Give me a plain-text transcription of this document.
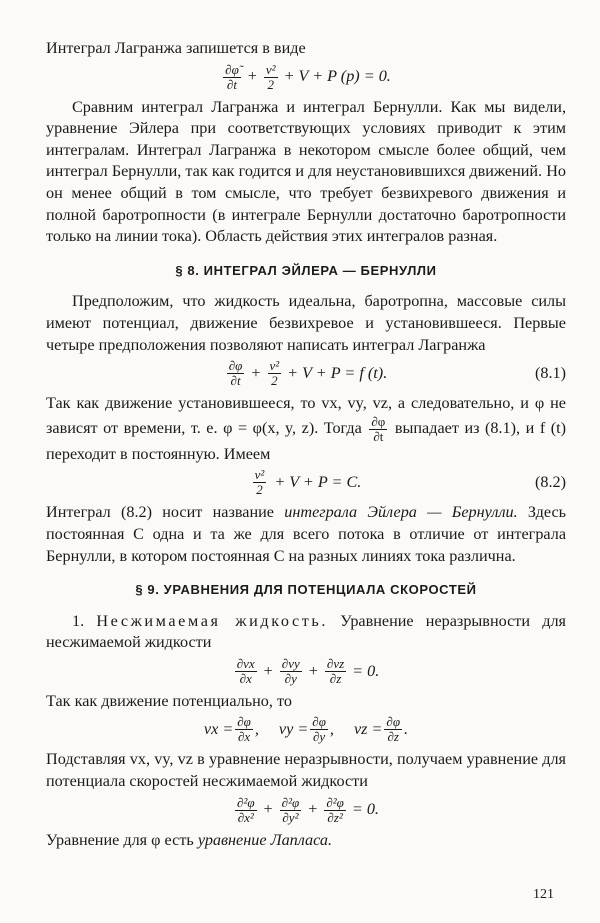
Интеграл Лагранжа запишется в виде

$\frac{\partial\varphĩ}{\partial t} + \frac{\text{v²}}{2} + V + P$ (p) = 0.

Сравним интеграл Лагранжа и интеграл Бернулли. Как мы видели, уравнение Эйлера при соответствующих условиях приводит к этим интегралам. Интеграл Лагранжа в некотором смысле более общий, чем интеграл Бернулли, так как годится и для неустановившихся движений. Но он менее общий в том смысле, что требует безвихревого движения и полной баротропности (в интеграле Бернулли достаточно баротропности только на линии тока). Область действия этих интегралов разная.

§ 8. ИНТЕГРАЛ ЭЙЛЕРА — БЕРНУЛЛИ

Предположим, что жидкость идеальна, баротропна, массовые силы имеют потенциал, движение безвихревое и установившееся. Первые четыре предположения позволяют написать интеграл Лагранжа

$\frac{\partial\varphi}{\partial t} + \frac{\text{v²}}{2} + V + P = f$ (t).	(8.1)

Так как движение установившееся, то vx, vy, vz, а следовательно, и φ не зависят от времени, т. е. φ = φ(x, y, z). Тогда $\frac{\partial\varphi}{\partial t}$ выпадает из (8.1), и f (t) переходит в постоянную. Имеем

$\frac{\text{v²}}{2} + V + P = C$.	(8.2)

Интеграл (8.2) носит название интеграла Эйлера — Бернулли. Здесь постоянная C одна и та же для всего потока в отличие от интеграла Бернулли, в котором постоянная C на разных линиях тока различна.

§ 9. УРАВНЕНИЯ ДЛЯ ПОТЕНЦИАЛА СКОРОСТЕЙ

1. Несжимаемая жидкость. Уравнение неразрывности для несжимаемой жидкости

$\frac{\partial vx}{\partial x} + \frac{\partial vy}{\partial y} + \frac{\partial vz}{\partial z} = 0$.

Так как движение потенциально, то

vx = $\frac{\partial\varphi}{\partial x}$ , vy = $\frac{\partial\varphi}{\partial y}$ , vz = $\frac{\partial\varphi}{\partial z}$ .

Подставляя vx, vy, vz в уравнение неразрывности, получаем уравнение для потенциала скоростей несжимаемой жидкости

$\frac{\text{∂²φ}}{\text{∂x²}} + \frac{\text{∂²φ}}{\text{∂y²}} + \frac{\text{∂²φ}}{\text{∂z²}} = 0$.

Уравнение для φ есть уравнение Лапласа.

121
